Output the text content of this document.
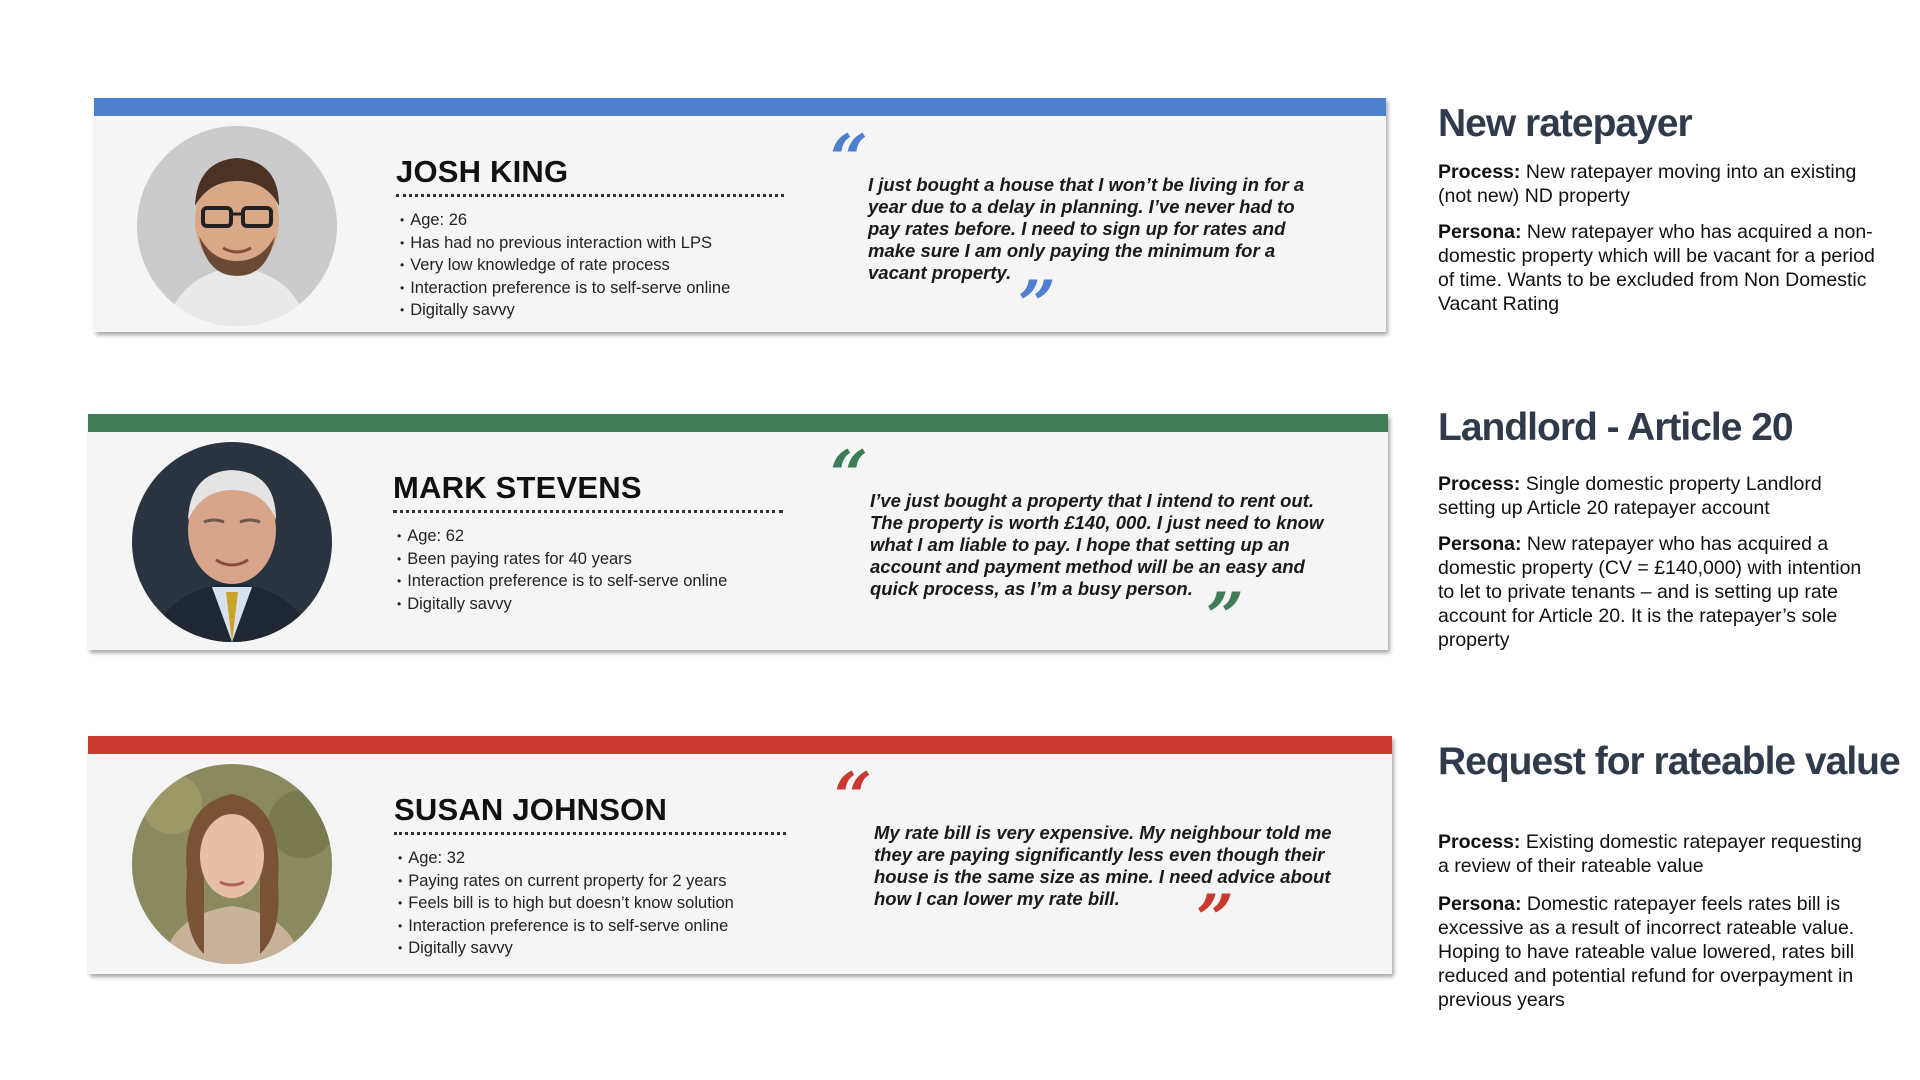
JOSH KING
• Age: 26
• Has had no previous interaction with LPS
• Very low knowledge of rate process
• Interaction preference is to self-serve online
• Digitally savvy
“ I just bought a house that I won’t be living in for a year due to a delay in planning. I’ve never had to pay rates before. I need to sign up for rates and make sure I am only paying the minimum for a vacant property. ”
New ratepayer

Process: New ratepayer moving into an existing (not new) ND property

Persona: New ratepayer who has acquired a non-domestic property which will be vacant for a period of time. Wants to be excluded from Non Domestic Vacant Rating

MARK STEVENS
• Age: 62
• Been paying rates for 40 years
• Interaction preference is to self-serve online
• Digitally savvy
“ I’ve just bought a property that I intend to rent out. The property is worth £140, 000. I just need to know what I am liable to pay. I hope that setting up an account and payment method will be an easy and quick process, as I’m a busy person. ”
Landlord - Article 20

Process: Single domestic property Landlord setting up Article 20 ratepayer account

Persona: New ratepayer who has acquired a domestic property (CV = £140,000) with intention to let to private tenants – and is setting up rate account for Article 20. It is the ratepayer’s sole property

SUSAN JOHNSON
• Age: 32
• Paying rates on current property for 2 years
• Feels bill is to high but doesn’t know solution
• Interaction preference is to self-serve online
• Digitally savvy
“ My rate bill is very expensive. My neighbour told me they are paying significantly less even though their house is the same size as mine. I need advice about how I can lower my rate bill.	”
Request for rateable value

Process: Existing domestic ratepayer requesting a review of their rateable value

Persona: Domestic ratepayer feels rates bill is excessive as a result of incorrect rateable value. Hoping to have rateable value lowered, rates bill reduced and potential refund for overpayment in previous years
